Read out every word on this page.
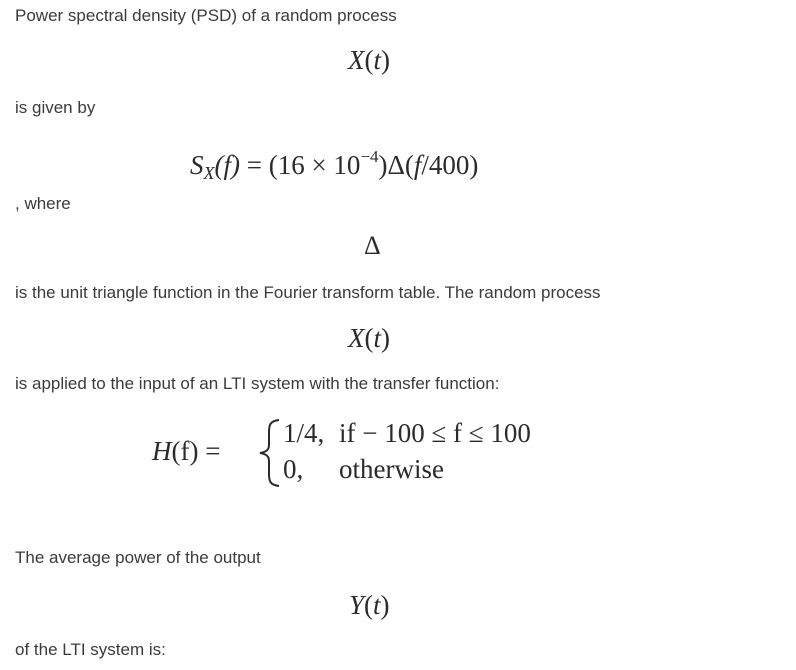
Power spectral density (PSD) of a random process
X(t)
is given by
$S_X(f) = (16 \times 10^{-4})\Delta(f/400)$
, where
Δ
is the unit triangle function in the Fourier transform table. The random process
X(t)
is applied to the input of an LTI system with the transfer function:
H(f) =
1/4, if − 100 ≤ f ≤ 100
0, otherwise
The average power of the output
Y(t)
of the LTI system is:
